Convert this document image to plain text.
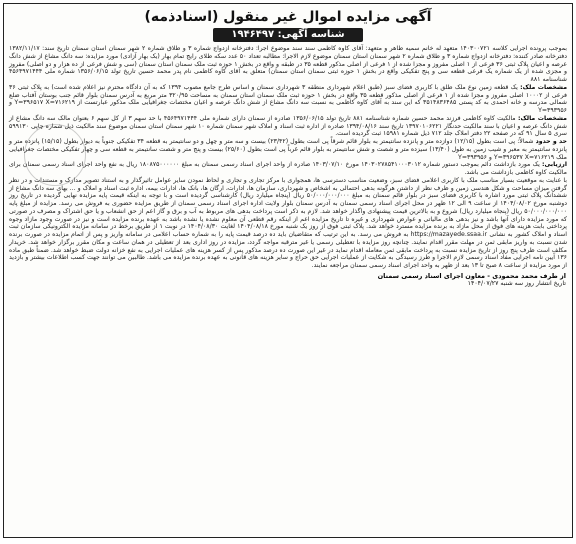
آگهی مزایده اموال غیر منقول (اسناد‌ذمه)
شناسه آگهی: ۱۹۴۶۴۹۷

بموجب پرونده اجرایی کلاسه ۱۴۰۳۰۰۷۲۱ متعهد له خانم سمیه طاهر و متعهد: آقای کاوه کاظمی سند سند موضوع اجرا: دفترخانه ازدواج شماره ۳ و طلاق شماره ۲ شهر سمنان استان سمنان تاریخ سند: ۱۳۸۲/۱۱/۱۷ دفترخانه صادر کننده: دفترخانه ازدواج شماره ۳ و طلاق شماره ۲ شهر سمنان استان سمنان موضوع لازم الاجرا: مطالبه تعداد ۵۰ عدد سکه طلای رایج تمام بهار (یک بهار آزادی) مورد مزایده: سه دانگ مشاع از شش دانگ عرصه و اعیان پلاک ثبتی ۳۶ فرعی از ۱ اصلی مفروز و مجزا شده از ۱ فرعی از اصلی مذکور قطعه ۳۵ در طبقه و واقع در بخش ۱ حوزه ثبت ملک سمنان استان سمنان (سی و شش فرعی از ده هزار و دو اصلی) مفروز و مجزی شده از یک شماره یک فرعی قطعه سی و پنج تفکیکی واقع در بخش ۱ حوزه ثبتی سمنان استان سمنان) متعلق به آقای کاوه کاظمی نام پدر محمد حسین تاریخ تولد ۱۳۵۶/۰۶/۱۵ شماره ملی ۴۵۶۴۹۷۱۴۴۴ شناسنامه ۸۸۱

مشخصات ملک: یک قطعه زمین نوع ملک طلق با کاربری فضای سبز (طبق اعلام شهرداری منطقه ۳ شهرداری سمنان و اساس طرح جامع مصوب ۱۳۹۴ که به آن دادگاه محترم نیز اعلام شده است) به پلاک ثبتی ۳۶ فرعی از ۱۰۰۰۲ اصلی مفروز و مجزا شده از ۱ فرعی از اصلی مذکور قطعه ۳۵ واقع در بخش ۱ حوزه ثبت ملک سمنان استان سمنان به مساحت ۳۲۰/۹۵ متر مربع به آدرس سمنان بلوار قائم جنب بوستان آفتاب ضلع شمالی مدرسه و خانه احمدی به کد پستی ۳۵۱۴۸۳۶۴۸۵ که این سند به آقای کاوه کاظمی به نسبت سه دانگ مشاع از شش دانگ عرصه و اعیان مختصات جغرافیایی ملک مذکور عبارتست از Y=۳۹۶۵۱۷ X=۷۱۶۲۱۹ و Y=۳۹۳۹۵۶

مشخصات مالک: مالکیت کاوه کاظمی فرزند محمد حسین شماره شناسنامه ۸۸۱ تاریخ تولد ۱۳۵۶/۰۶/۱۵ صادره از سمنان دارای شماره ملی ۴۵۶۴۹۷۱۴۴۴ با حد سهم ۳ از کل سهم ۶ بعنوان مالک سه دانگ مشاع از شش دانگ عرصه و اعیان با سند مالکیت حدنگار ۱۳۹۷۰۱۰۶۲۲۱ تاریخ سند ۱۳۹۴/۰۸/۱۶ صادره از اداره ثبت اسناد و املاک شهر سمنان شماره ۱۰ شهر سمنان استان سمنان موضوع سند مالکیت ذیل شماره چاپی ۵۹۹۱۳۰ سری ۵ سال ۹۱ که در صفحه ۲۲ دفتر املاک جلد ۷۱۲ ذیل شماره ۱۵۹۸۱ ثبت گردیده است.

حد و حدود شمالاً: پی است بطول (۱۲/۱۵) دوازده متر و پانزده سانتیمتر به بلوار قائم شرقاً پی است بطول (۲۳/۴۲) بیست و سه متر و چهل و دو سانتیمتر به قطعه ۳۴ تفکیکی جنوباً به دیوار بطول (۱۵/۱۵) پانزده متر و پانزده سانتیمتر به معبر و شیب زمین به طول (۱۳/۴۰) سیزده متر و شصت و شش سانتیمتر به بلوار قائم غرباً پی است بطول (۲۵/۶۰) بیست و پنج متر و شصت سانتیمتر به قطعه سی و چهار تفکیکی مختصات جغرافیایی ملک Y=۳۹۶۵۳۷ X=۷۱۶۲۱۹ و Y=۳۹۳۹۵۶

ارزیابی: یک مورد بازداشت دائم بموجب دستور شماره ۱۴۰۳۰۲۷۸۵۴۱۰۰۰۳۰۱۲ مورخ ۱۴۰۳/۰۷/۱۰ صادره از واحد اجرای اسناد رسمی سمنان به مبلغ ۱۸۰۸۷۵۰۰۰۰۰۰ ریال به نفع واحد اجرای اسناد رسمی سمنان برای مالکیت کاوه کاظمی بازداشت می باشد.

با عنایت به موقعیت بسیار مناسب ملک با کاربری اعلامی فضای سبز، وضعیت مناسب دسترسی ها، همجواری با مرکز تجاری و تجاری و لحاظ نمودن سایر عوامل تاثیرگذار و به استناد تصویر مدارک و مستندات و در نظر گرفتن میزان مساحت و شکل هندسی زمین و ظرف نظر از داشتن هرگونه بدهی احتمالی به اشخاص و شهرداری، سازمان ها، ادارات، ارگان ها، بانک ها، ادارات بیمه، اداره ثبت اسناد و املاک و ... بهای سه دانگ مشاع از ششدانگ پلاک ثبتی مورد اشاره با کاربری فضای سبز در بلوار قائم سمنان به مبلغ ۵۰/۰۰۰/۰۰۰/۰۰۰ ریال (پنجاه میلیارد ریال) کارشناسی گردیده است و با توجه به اینکه قیمت پایه مزایده نهایی گردیده در تاریخ روز دوشنبه مورخ ۱۴۰۴/۰۸/۰۲ از ساعت ۹ الی ۱۲ ظهر در محل اجرای اسناد رسمی سمنان به آدرس سمنان بلوار ولایت اداره اجرای اسناد رسمی سمنان از طریق مزایده حضوری به فروش می رسد. مزایده از مبلغ پایه ۵۰/۰۰۰/۰۰۰/۰۰۰ ریال (پنجاه میلیارد ریال) شروع و به بالاترین قیمت پیشنهادی واگذار خواهد شد. لازم به ذکر است پرداخت بدهی های مربوط به آب و برق و گاز اعم از حق انشعاب و یا حق اشتراک و مصرف در صورتی که مورد مزایده دارای آنها باشد و نیز بدهی های مالیاتی و عوارض شهرداری و غیره تا تاریخ مزایده اعم از اینکه رقم قطعی آن معلوم نشده یا نشده باشد به عهده برنده مزایده است و نیز در صورت وجود مازاد وجوه پرداختی بابت هزینه های فوق از محل مازاد به برنده مزایده مسترد خواهد شد. پلاک ثبتی فوق از روز یک شنبه مورخ ۱۴۰۴/۰۸/۱۸ لغایت ۱۴۰۴/۰۸/۳۰ در نوبت ۱ از طریق برخط در سامانه مزایده الکترونیکی سازمان ثبت اسناد و املاک کشور به نشانی https://mazayede.ssaa.ir به فروش می رسد. به این ترتیب که متقاضیان باید ده درصد قیمت پایه را به شماره حساب اعلامی در سامانه واریز و پس از اتمام مزایده در صورت برنده شدن نسبت به واریز مابقی ثمن در مهلت مقرر اقدام نمایند. چنانچه روز مزایده با تعطیلی رسمی یا غیر مترقبه مواجه گردد، مزایده در روز اداری بعد از تعطیلی در همان ساعت و مکان مقرر برگزار خواهد شد. خریدار مکلف است ظرف پنج روز از تاریخ مزایده نسبت به پرداخت مابقی ثمن معامله اقدام نماید در غیر این صورت ده درصد مذکور پس از کسر هزینه های عملیات اجرایی به نفع خزانه دولت ضبط خواهد شد. ضمناً طبق ماده ۱۳۶ آیین نامه اجرایی مفاد اسناد رسمی لازم الاجرا و طرز رسیدگی به شکایت از عملیات اجرایی حق حراج و سایر هزینه های قانونی به عهده برنده مزایده می باشد. طالبین می توانند جهت کسب اطلاعات بیشتر و بازدید از مورد مزایده از ساعت ۸ صبح تا ۱۳ بعد از ظهر به واحد اجرای اسناد رسمی سمنان مراجعه نمایند.

از طرف محمد محمودی - معاون اجرای اسناد رسمی سمنان
تاریخ انتشار روز سه شنبه ۱۴۰۴/۰۷/۲۷
